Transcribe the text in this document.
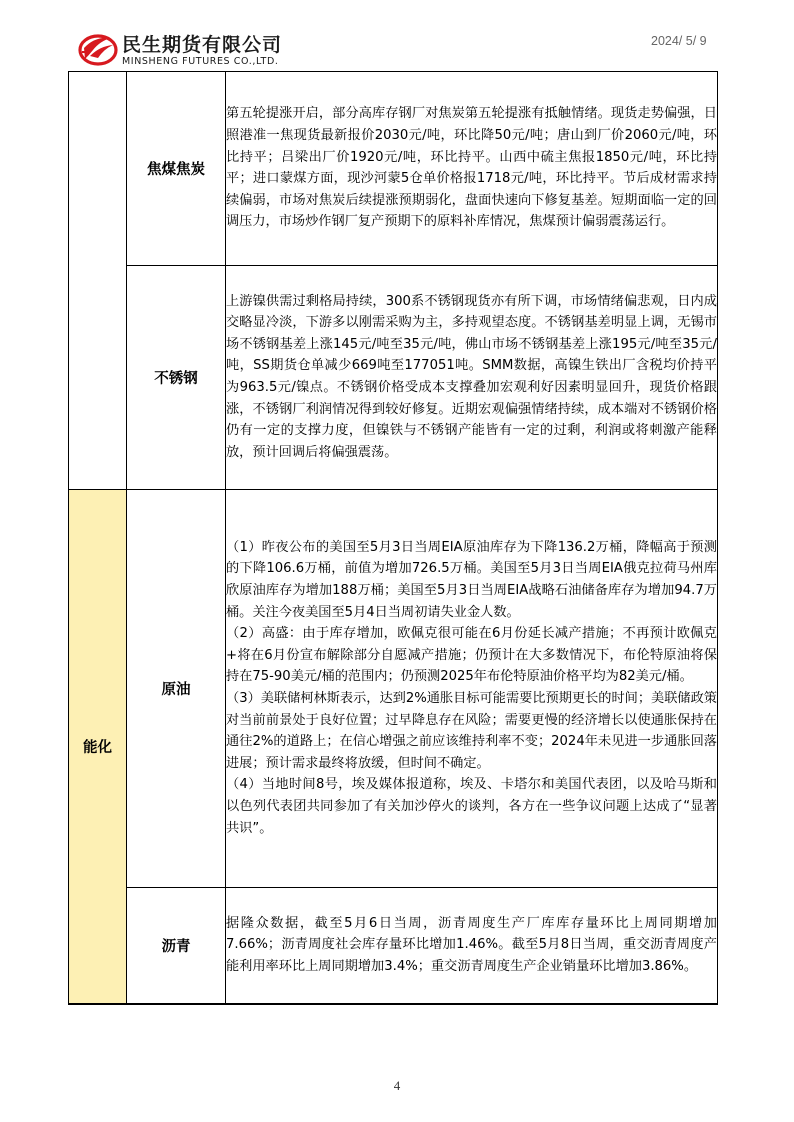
民生期货有限公司
MINSHENG FUTURES CO.,LTD.
2024/ 5/ 9
	焦煤焦炭	第五轮提涨开启，部分高库存钢厂对焦炭第五轮提涨有抵触情绪。现货走势偏强，日照港准一焦现货最新报价2030元/吨，环比降50元/吨；唐山到厂价2060元/吨，环比持平；吕梁出厂价1920元/吨，环比持平。山西中硫主焦报1850元/吨，环比持平；进口蒙煤方面，现沙河蒙5仓单价格报1718元/吨，环比持平。节后成材需求持续偏弱，市场对焦炭后续提涨预期弱化，盘面快速向下修复基差。短期面临一定的回调压力，市场炒作钢厂复产预期下的原料补库情况，焦煤预计偏弱震荡运行。

	不锈钢	上游镍供需过剩格局持续，300系不锈钢现货亦有所下调，市场情绪偏悲观，日内成交略显冷淡，下游多以刚需采购为主，多持观望态度。不锈钢基差明显上调，无锡市场不锈钢基差上涨145元/吨至35元/吨，佛山市场不锈钢基差上涨195元/吨至35元/吨，SS期货仓单减少669吨至177051吨。SMM数据，高镍生铁出厂含税均价持平为963.5元/镍点。不锈钢价格受成本支撑叠加宏观利好因素明显回升，现货价格跟涨，不锈钢厂利润情况得到较好修复。近期宏观偏强情绪持续，成本端对不锈钢价格仍有一定的支撑力度，但镍铁与不锈钢产能皆有一定的过剩，利润或将刺激产能释放，预计回调后将偏强震荡。

能化	原油	（1）昨夜公布的美国至5月3日当周EIA原油库存为下降136.2万桶，降幅高于预测的下降106.6万桶，前值为增加726.5万桶。美国至5月3日当周EIA俄克拉荷马州库欣原油库存为增加188万桶；美国至5月3日当周EIA战略石油储备库存为增加94.7万桶。关注今夜美国至5月4日当周初请失业金人数。

（2）高盛：由于库存增加，欧佩克很可能在6月份延长减产措施；不再预计欧佩克+将在6月份宣布解除部分自愿减产措施；仍预计在大多数情况下，布伦特原油将保持在75-90美元/桶的范围内；仍预测2025年布伦特原油价格平均为82美元/桶。

（3）美联储柯林斯表示，达到2%通胀目标可能需要比预期更长的时间；美联储政策对当前前景处于良好位置；过早降息存在风险；需要更慢的经济增长以使通胀保持在通往2%的道路上；在信心增强之前应该维持利率不变；2024年未见进一步通胀回落进展；预计需求最终将放缓，但时间不确定。

（4）当地时间8号，埃及媒体报道称，埃及、卡塔尔和美国代表团，以及哈马斯和以色列代表团共同参加了有关加沙停火的谈判，各方在一些争议问题上达成了“显著共识”。

	沥青	据隆众数据，截至5月6日当周，沥青周度生产厂库库存量环比上周同期增加7.66%；沥青周度社会库存量环比增加1.46%。截至5月8日当周，重交沥青周度产能利用率环比上周同期增加3.4%；重交沥青周度生产企业销量环比增加3.86%。

4
